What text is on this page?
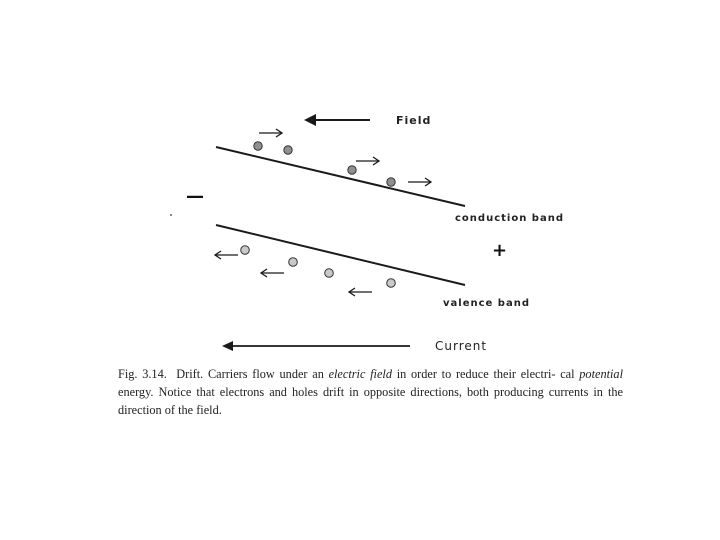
Field
conduction band
valence band
—
+
Current

Fig. 3.14. Drift. Carriers flow under an electric field in order to reduce their electri- cal potential energy. Notice that electrons and holes drift in opposite directions, both producing currents in the direction of the field.
